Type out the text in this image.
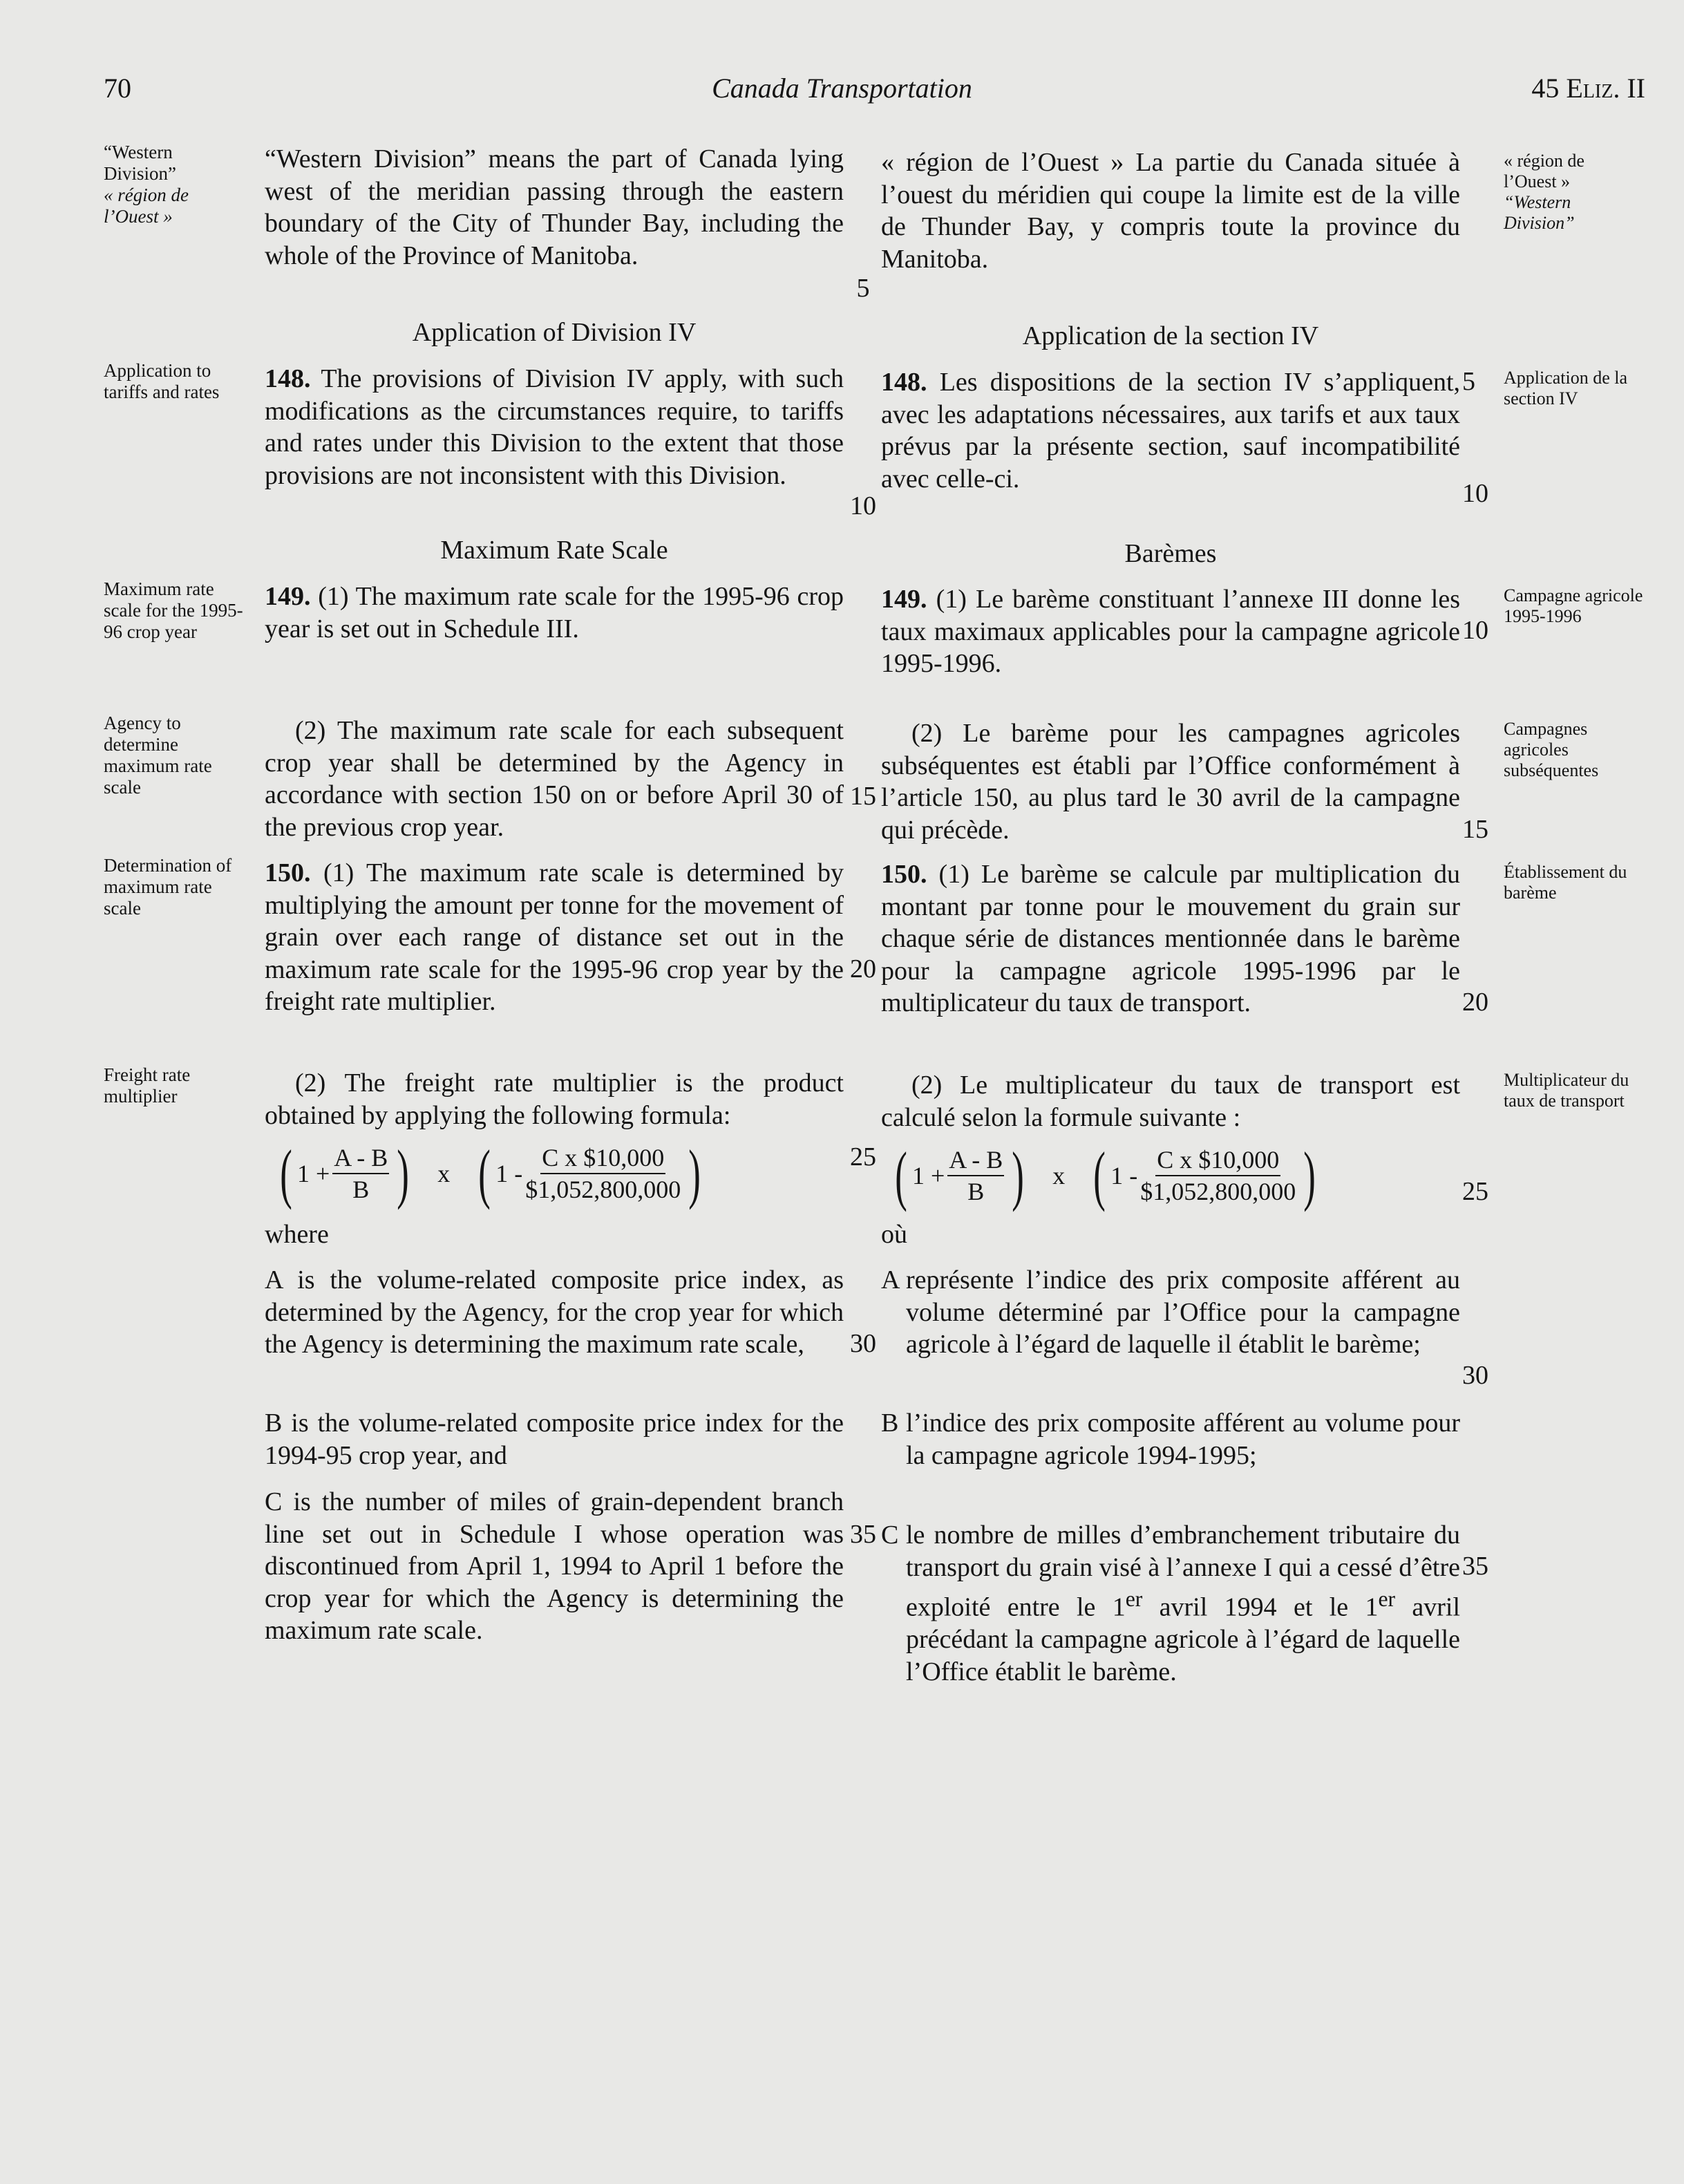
70	Canada Transportation	45 Eliz. II
“Western
Division”
« région de
l’Ouest »
Application to tariffs and rates
Maximum rate scale for the 1995-96 crop year
Agency to determine maximum rate scale
Determination of maximum rate scale
Freight rate multiplier
« région de
l’Ouest »
“Western
Division”
Application de la section IV
Campagne agricole 1995-1996
Campagnes agricoles subséquentes
Établissement du barème
Multiplicateur du taux de transport
“Western Division” means the part of Canada lying west of the meridian passing through the eastern boundary of the City of Thunder Bay, including the whole of the Province of Manitoba.
Application of Division IV
148. The provisions of Division IV apply, with such modifications as the circumstances require, to tariffs and rates under this Division to the extent that those provisions are not inconsistent with this Division.
Maximum Rate Scale
149. (1) The maximum rate scale for the 1995-96 crop year is set out in Schedule III.
(2) The maximum rate scale for each subsequent crop year shall be determined by the Agency in accordance with section 150 on or before April 30 of the previous crop year.
150. (1) The maximum rate scale is determined by multiplying the amount per tonne for the movement of grain over each range of distance set out in the maximum rate scale for the 1995-96 crop year by the freight rate multiplier.
(2) The freight rate multiplier is the product obtained by applying the following formula:
( $1 + \frac{A - B}{B}$ ) x ( $1 - \frac{\text{C x \$10,000}}{\$1,052,800,000}$ )
where
A is the volume-related composite price index, as determined by the Agency, for the crop year for which the Agency is determining the maximum rate scale,
B is the volume-related composite price index for the 1994-95 crop year, and
C is the number of miles of grain-dependent branch line set out in Schedule I whose operation was discontinued from April 1, 1994 to April 1 before the crop year for which the Agency is determining the maximum rate scale.
« région de l’Ouest » La partie du Canada située à l’ouest du méridien qui coupe la limite est de la ville de Thunder Bay, y compris toute la province du Manitoba.
Application de la section IV
148. Les dispositions de la section IV s’appliquent, avec les adaptations nécessaires, aux tarifs et aux taux prévus par la présente section, sauf incompatibilité avec celle-ci.
Barèmes
149. (1) Le barème constituant l’annexe III donne les taux maximaux applicables pour la campagne agricole 1995-1996.
(2) Le barème pour les campagnes agricoles subséquentes est établi par l’Office conformément à l’article 150, au plus tard le 30 avril de la campagne qui précède.
150. (1) Le barème se calcule par multiplication du montant par tonne pour le mouvement du grain sur chaque série de distances mentionnée dans le barème pour la campagne agricole 1995-1996 par le multiplicateur du taux de transport.
(2) Le multiplicateur du taux de transport est calculé selon la formule suivante :
( $1 + \frac{A - B}{B}$ ) x ( $1 - \frac{\text{C x \$10,000}}{\$1,052,800,000}$ )
où
A représente l’indice des prix composite afférent au volume déterminé par l’Office pour la campagne agricole à l’égard de laquelle il établit le barème;
B l’indice des prix composite afférent au volume pour la campagne agricole 1994-1995;
C le nombre de milles d’embranchement tributaire du transport du grain visé à l’annexe I qui a cessé d’être exploité entre le 1er avril 1994 et le 1er avril précédant la campagne agricole à l’égard de laquelle l’Office établit le barème.
5
10
15
20
25
30
35
5
10
10
15
20
25
30
35
